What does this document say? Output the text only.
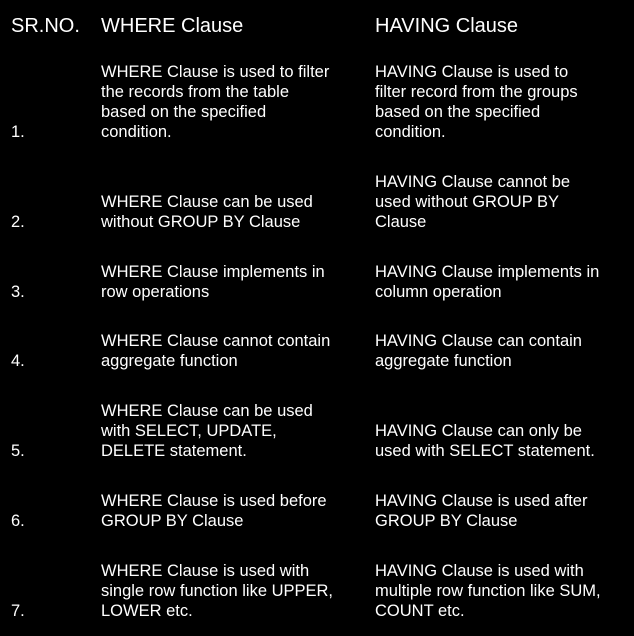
SR.NO. WHERE Clause	HAVING Clause
1.
WHERE Clause is used to filter
the records from the table
based on the specified
condition.
HAVING Clause is used to
filter record from the groups
based on the specified
condition.
2.
WHERE Clause can be used
without GROUP BY Clause
HAVING Clause cannot be
used without GROUP BY
Clause
3.
WHERE Clause implements in
row operations
HAVING Clause implements in
column operation
4.
WHERE Clause cannot contain
aggregate function
HAVING Clause can contain
aggregate function
5.
WHERE Clause can be used
with SELECT, UPDATE,
DELETE statement.
HAVING Clause can only be
used with SELECT statement.
6.
WHERE Clause is used before
GROUP BY Clause
HAVING Clause is used after
GROUP BY Clause
7.
WHERE Clause is used with
single row function like UPPER,
LOWER etc.
HAVING Clause is used with
multiple row function like SUM,
COUNT etc.
